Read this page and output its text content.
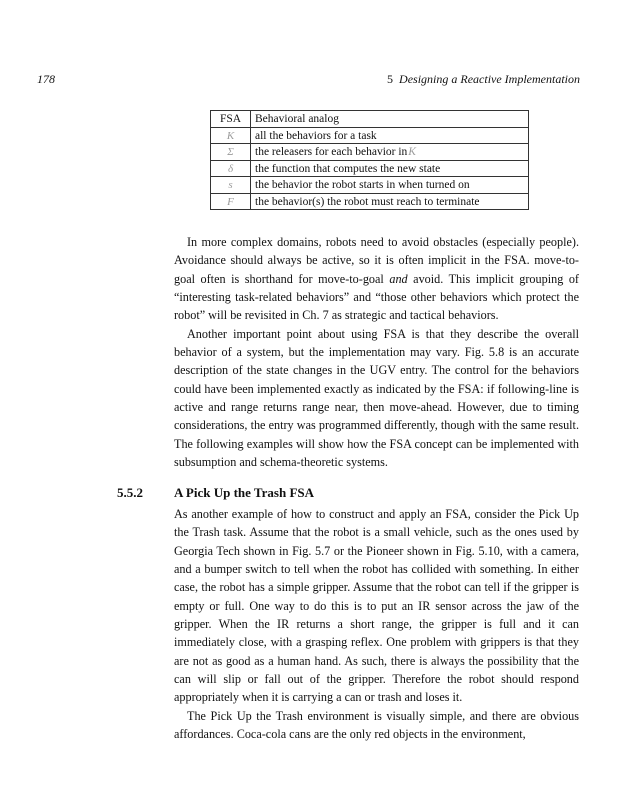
178	5 Designing a Reactive Implementation
FSA	Behavioral analog
K	all the behaviors for a task
Σ	the releasers for each behavior inK
δ	the function that computes the new state
s	the behavior the robot starts in when turned on
F	the behavior(s) the robot must reach to terminate

In more complex domains, robots need to avoid obstacles (especially people). Avoidance should always be active, so it is often implicit in the FSA. move-to-goal often is shorthand for move-to-goal and avoid. This implicit grouping of “interesting task-related behaviors” and “those other behaviors which protect the robot” will be revisited in Ch. 7 as strategic and tactical behaviors.

Another important point about using FSA is that they describe the overall behavior of a system, but the implementation may vary. Fig. 5.8 is an accurate description of the state changes in the UGV entry. The control for the behaviors could have been implemented exactly as indicated by the FSA: if following-line is active and range returns range near, then move-ahead. However, due to timing considerations, the entry was programmed differently, though with the same result. The following examples will show how the FSA concept can be implemented with subsumption and schema-theoretic systems.

5.5.2 A Pick Up the Trash FSA

As another example of how to construct and apply an FSA, consider the Pick Up the Trash task. Assume that the robot is a small vehicle, such as the ones used by Georgia Tech shown in Fig. 5.7 or the Pioneer shown in Fig. 5.10, with a camera, and a bumper switch to tell when the robot has collided with something. In either case, the robot has a simple gripper. Assume that the robot can tell if the gripper is empty or full. One way to do this is to put an IR sensor across the jaw of the gripper. When the IR returns a short range, the gripper is full and it can immediately close, with a grasping reflex. One problem with grippers is that they are not as good as a human hand. As such, there is always the possibility that the can will slip or fall out of the gripper. Therefore the robot should respond appropriately when it is carrying a can or trash and loses it.

The Pick Up the Trash environment is visually simple, and there are obvious affordances. Coca-cola cans are the only red objects in the environment,
